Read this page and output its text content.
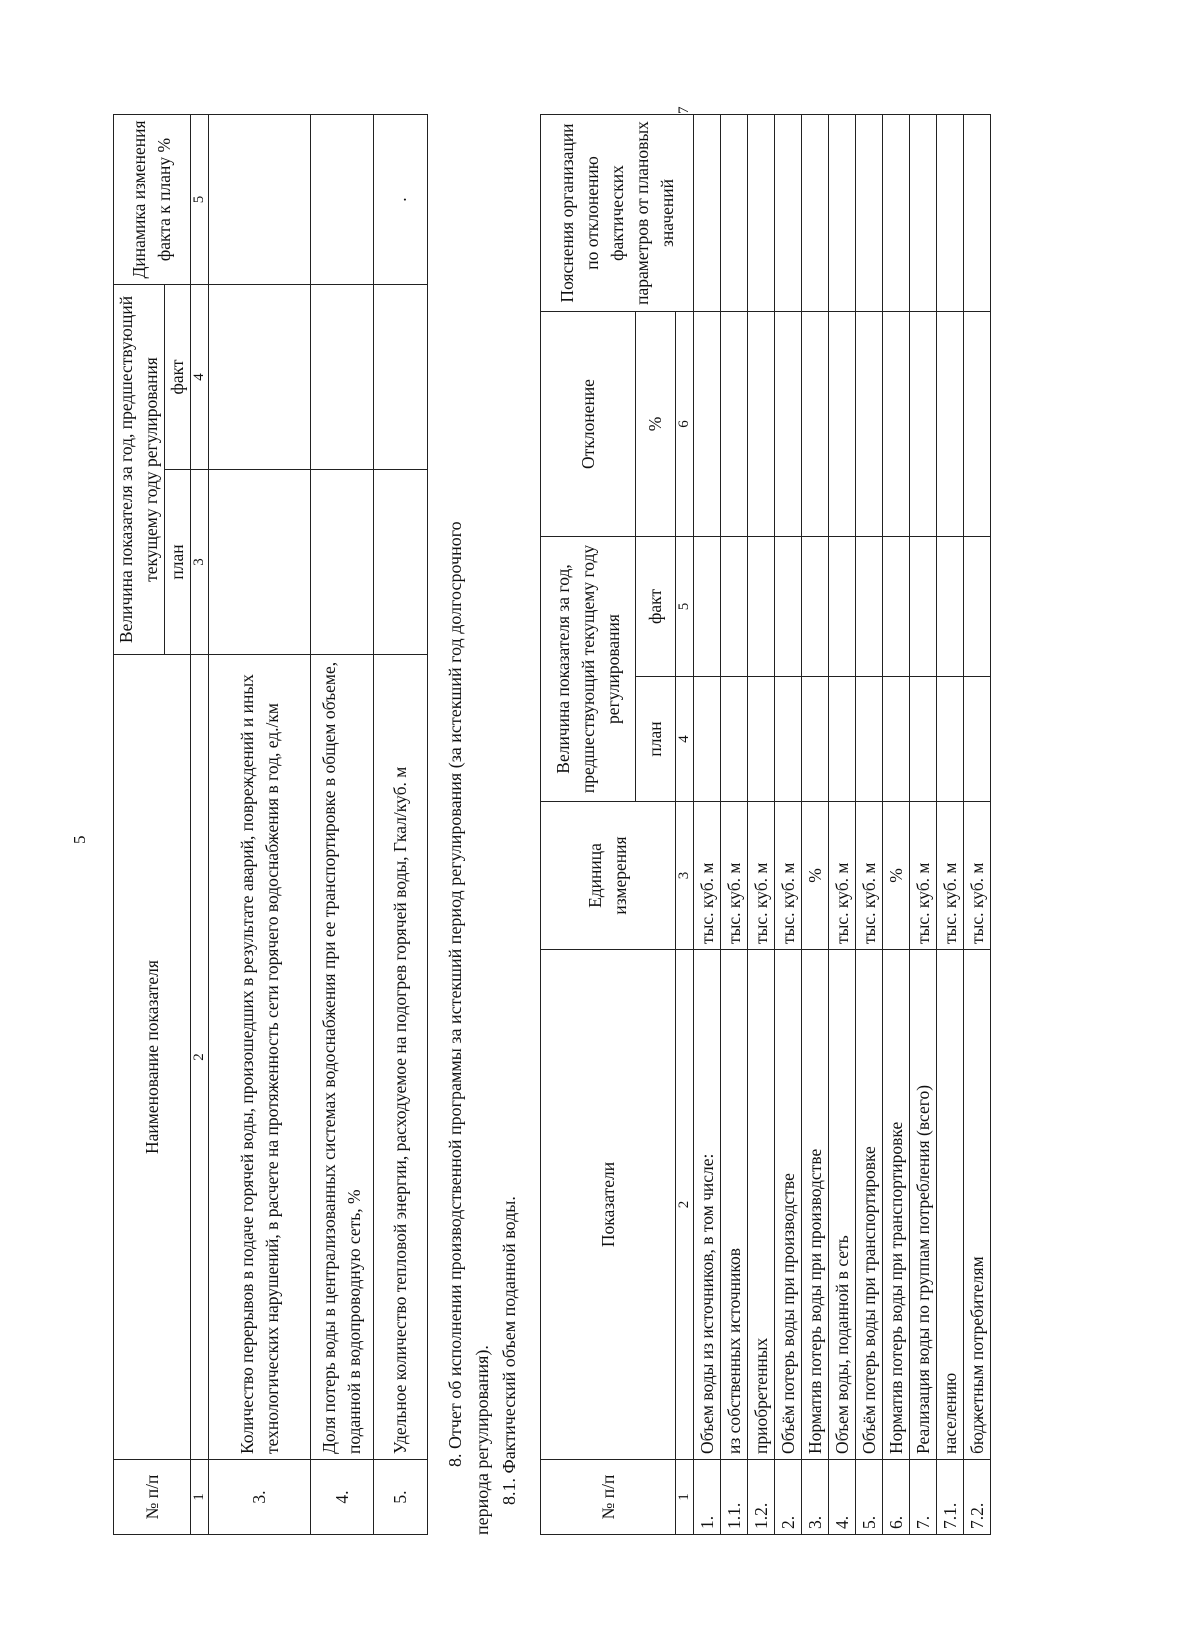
5
№ п/п	Наименование показателя	Величина показателя за год, предшествующий текущему году регулирования		Динамика изменения факта к плану %
		план	факт	
1	2	3	4	5
3.	Количество перерывов в подаче горячей воды, произошедших в результате аварий, повреждений и иных технологических нарушений, в расчете на протяженность сети горячего водоснабжения в год, ед./км			
4.	Доля потерь воды в централизованных системах водоснабжения при ее транспортировке в общем объеме, поданной в водопроводную сеть, %			
5.	Удельное количество тепловой энергии, расходуемое на подогрев горячей воды, Гкал/куб. м			.
8. Отчет об исполнении производственной программы за истекший период регулирования (за истекший год долгосрочного периода регулирования). 8.1. Фактический объем поданной воды.	№ п/п	Показатели	Единица измерения	Величина показателя за год, предшествующий текущему году регулирования		Отклонение	Пояснения организации по отклонению фактических параметров от плановых значений	
			план	факт	%		
1	2	3	4	5	6		7
1.	Объем воды из источников, в том числе:	тыс. куб. м					
1.1.	из собственных источников	тыс. куб. м					
1.2.	приобретенных	тыс. куб. м					
2.	Объём потерь воды при производстве	тыс. куб. м					
3.	Норматив потерь воды при производстве	%					
4.	Объем воды, поданной в сеть	тыс. куб. м					
5.	Объём потерь воды при транспортировке	тыс. куб. м					
6.	Норматив потерь воды при транспортировке	%					
7.	Реализация воды по группам потребления (всего)	тыс. куб. м					
7.1.	населению	тыс. куб. м					
7.2.	бюджетным потребителям	тыс. куб. м					
